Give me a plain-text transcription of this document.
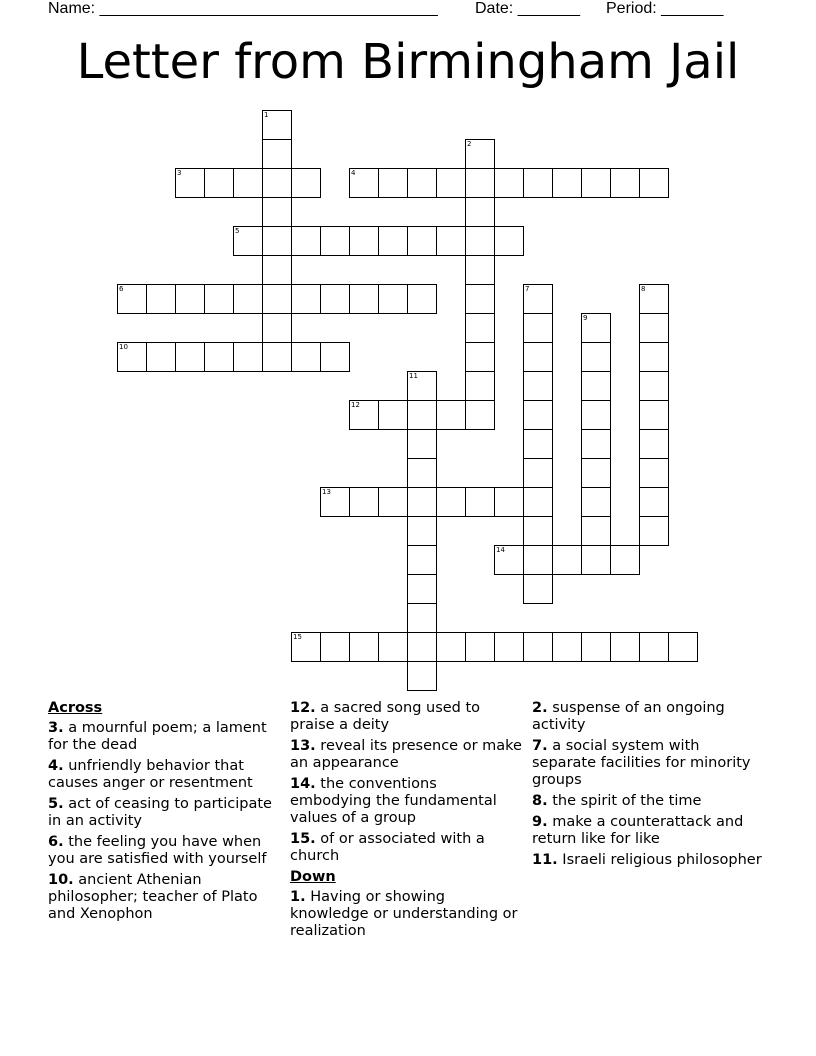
Name: ______________________________________ Date: _______ Period: _______
Letter from Birmingham Jail
1
2
3	4
5
6	7	8
9
10
11
12
13
14
15
Across
3. a mournful poem; a lament for the dead
4. unfriendly behavior that causes anger or resentment
5. act of ceasing to participate in an activity
6. the feeling you have when you are satisfied with yourself
10. ancient Athenian philosopher; teacher of Plato and Xenophon
12. a sacred song used to praise a deity
13. reveal its presence or make an appearance
14. the conventions embodying the fundamental values of a group
15. of or associated with a church
Down
1. Having or showing knowledge or understanding or realization
2. suspense of an ongoing activity
7. a social system with separate facilities for minority groups
8. the spirit of the time
9. make a counterattack and return like for like
11. Israeli religious philosopher
